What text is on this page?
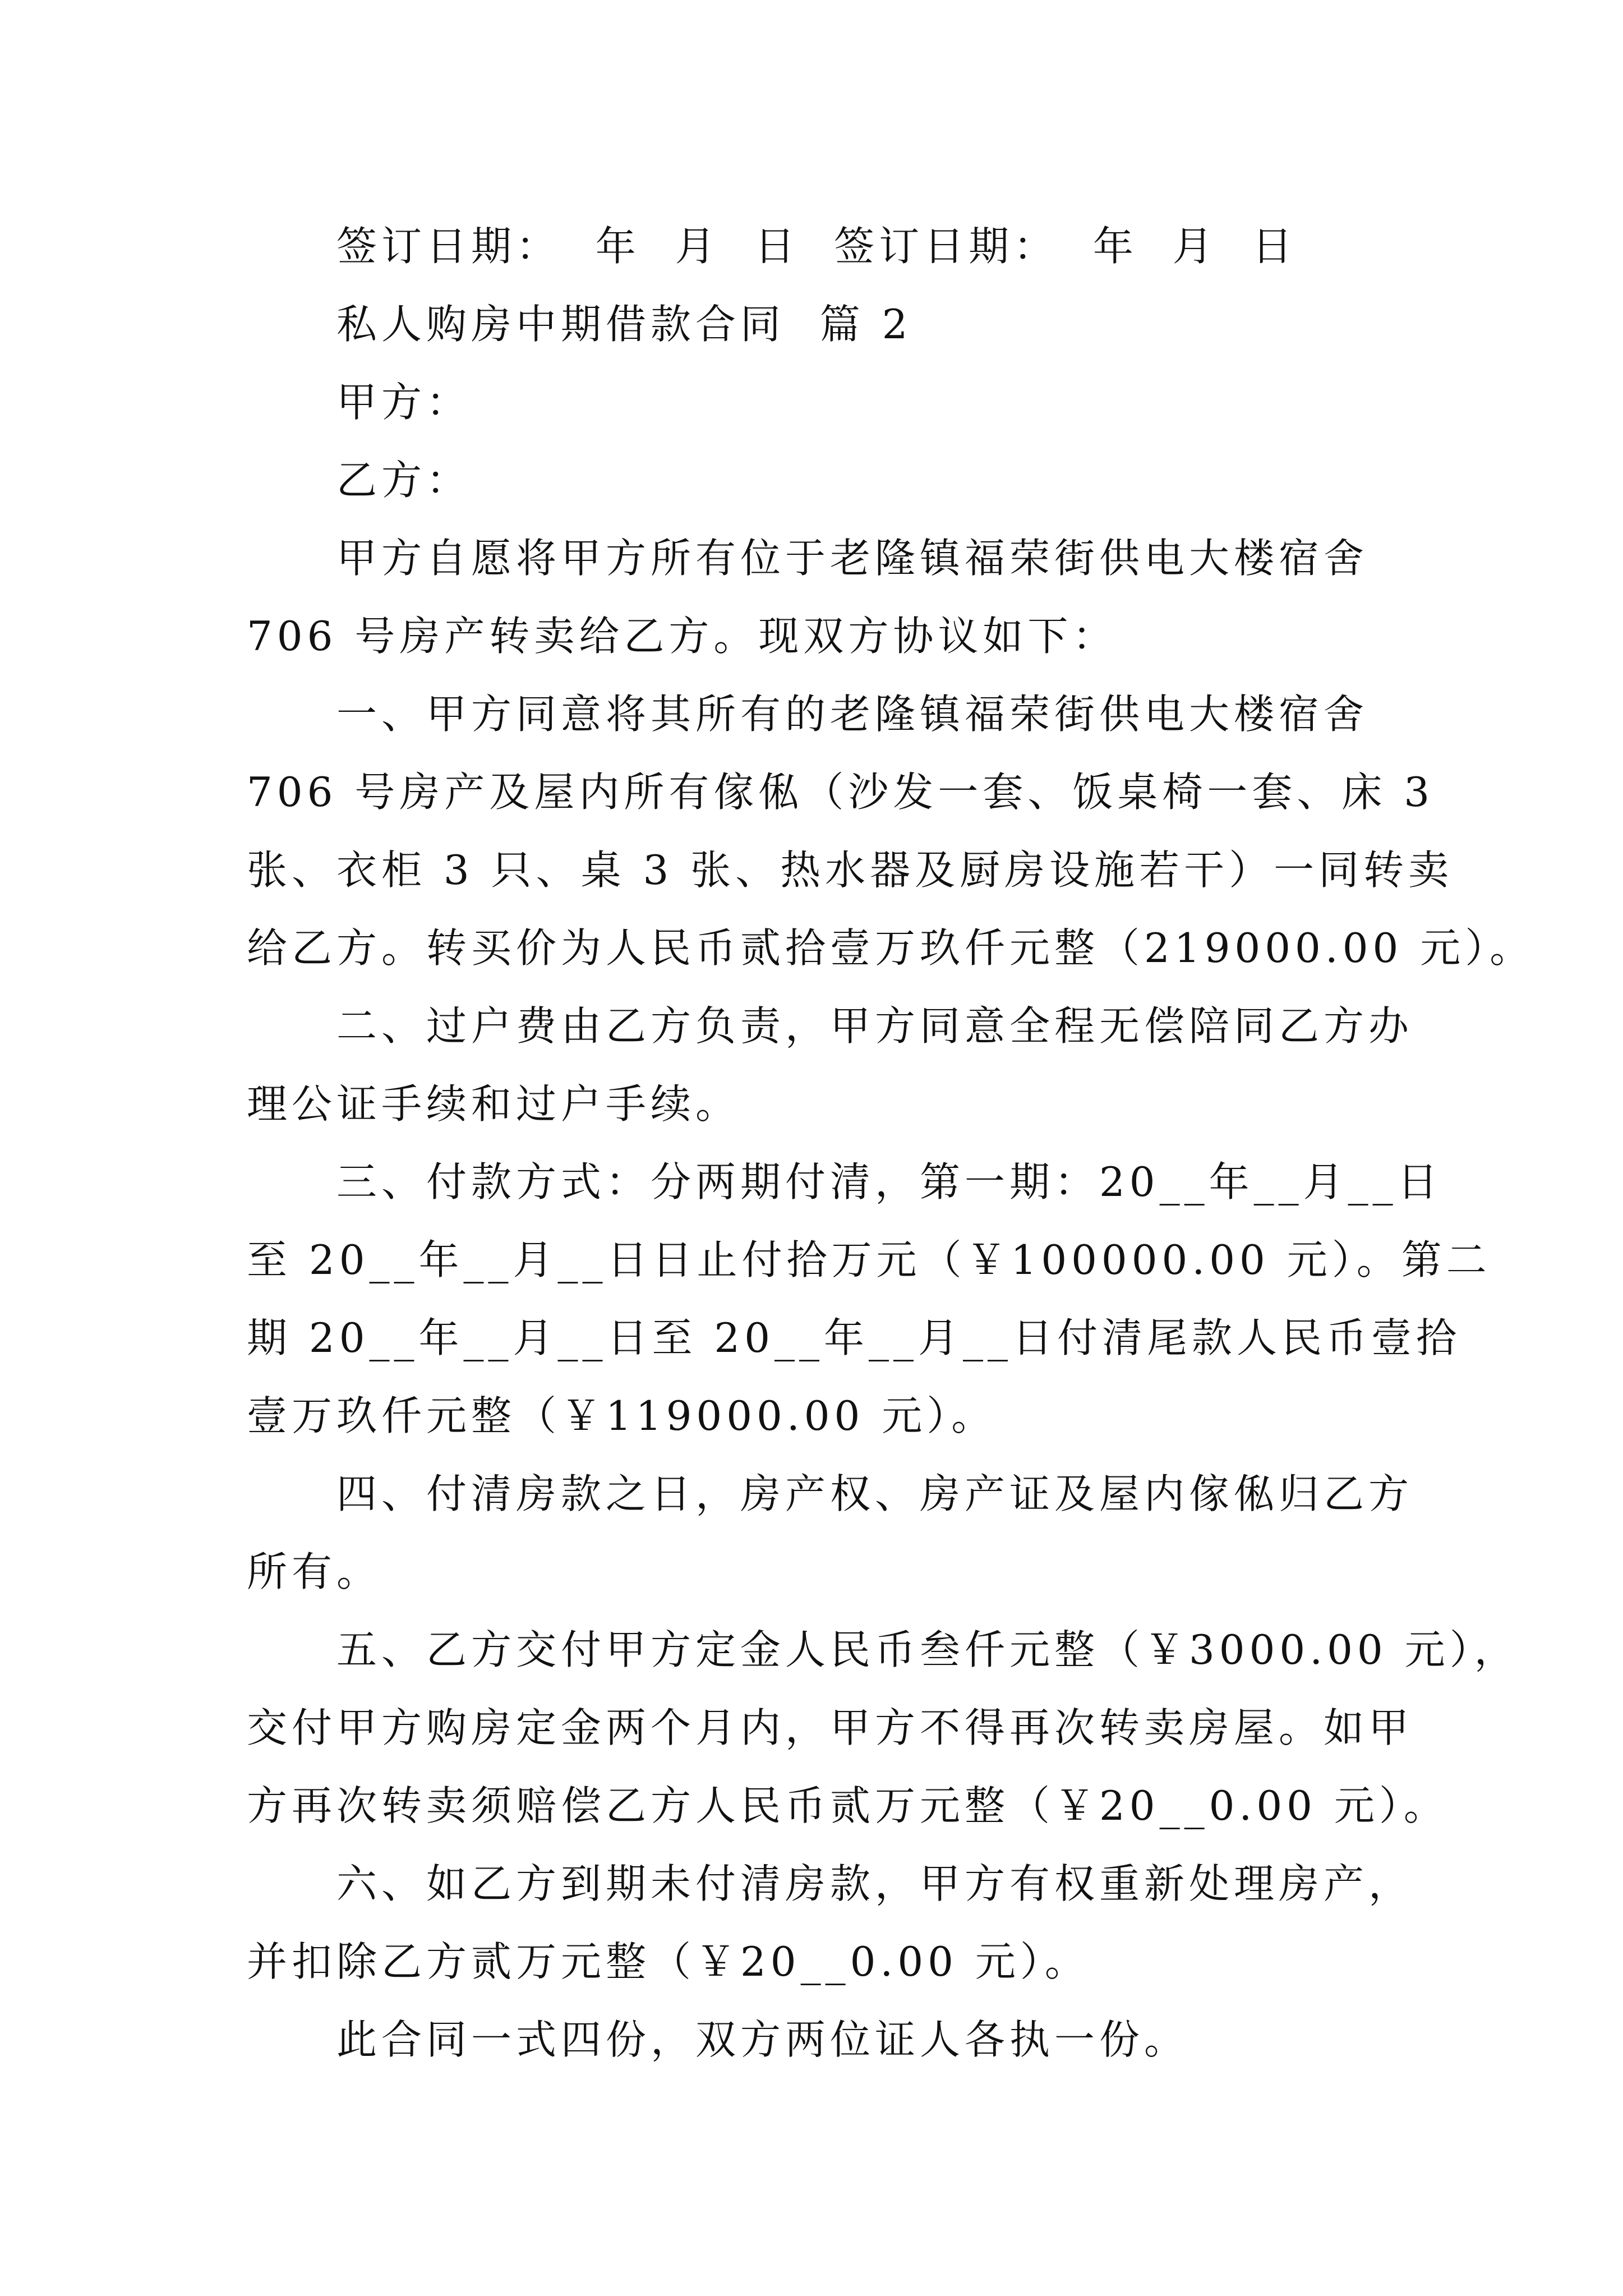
签订日期：  年  月  日  签订日期：  年  月  日

私人购房中期借款合同  篇 2

甲方：

乙方：

甲方自愿将甲方所有位于老隆镇福荣街供电大楼宿舍

706 号房产转卖给乙方。现双方协议如下：

一、甲方同意将其所有的老隆镇福荣街供电大楼宿舍

706 号房产及屋内所有傢俬（沙发一套、饭桌椅一套、床 3

张、衣柜 3 只、桌 3 张、热水器及厨房设施若干）一同转卖

给乙方。转买价为人民币贰拾壹万玖仟元整（219000.00 元）。

二、过户费由乙方负责，甲方同意全程无偿陪同乙方办

理公证手续和过户手续。

三、付款方式：分两期付清，第一期：20__年__月__日

至 20__年__月__日日止付拾万元（￥100000.00 元）。第二

期 20__年__月__日至 20__年__月__日付清尾款人民币壹拾

壹万玖仟元整（￥119000.00 元）。

四、付清房款之日，房产权、房产证及屋内傢俬归乙方

所有。

五、乙方交付甲方定金人民币叁仟元整（￥3000.00 元），

交付甲方购房定金两个月内，甲方不得再次转卖房屋。如甲

方再次转卖须赔偿乙方人民币贰万元整（￥20__0.00 元）。

六、如乙方到期未付清房款，甲方有权重新处理房产，

并扣除乙方贰万元整（￥20__0.00 元）。

此合同一式四份，双方两位证人各执一份。
